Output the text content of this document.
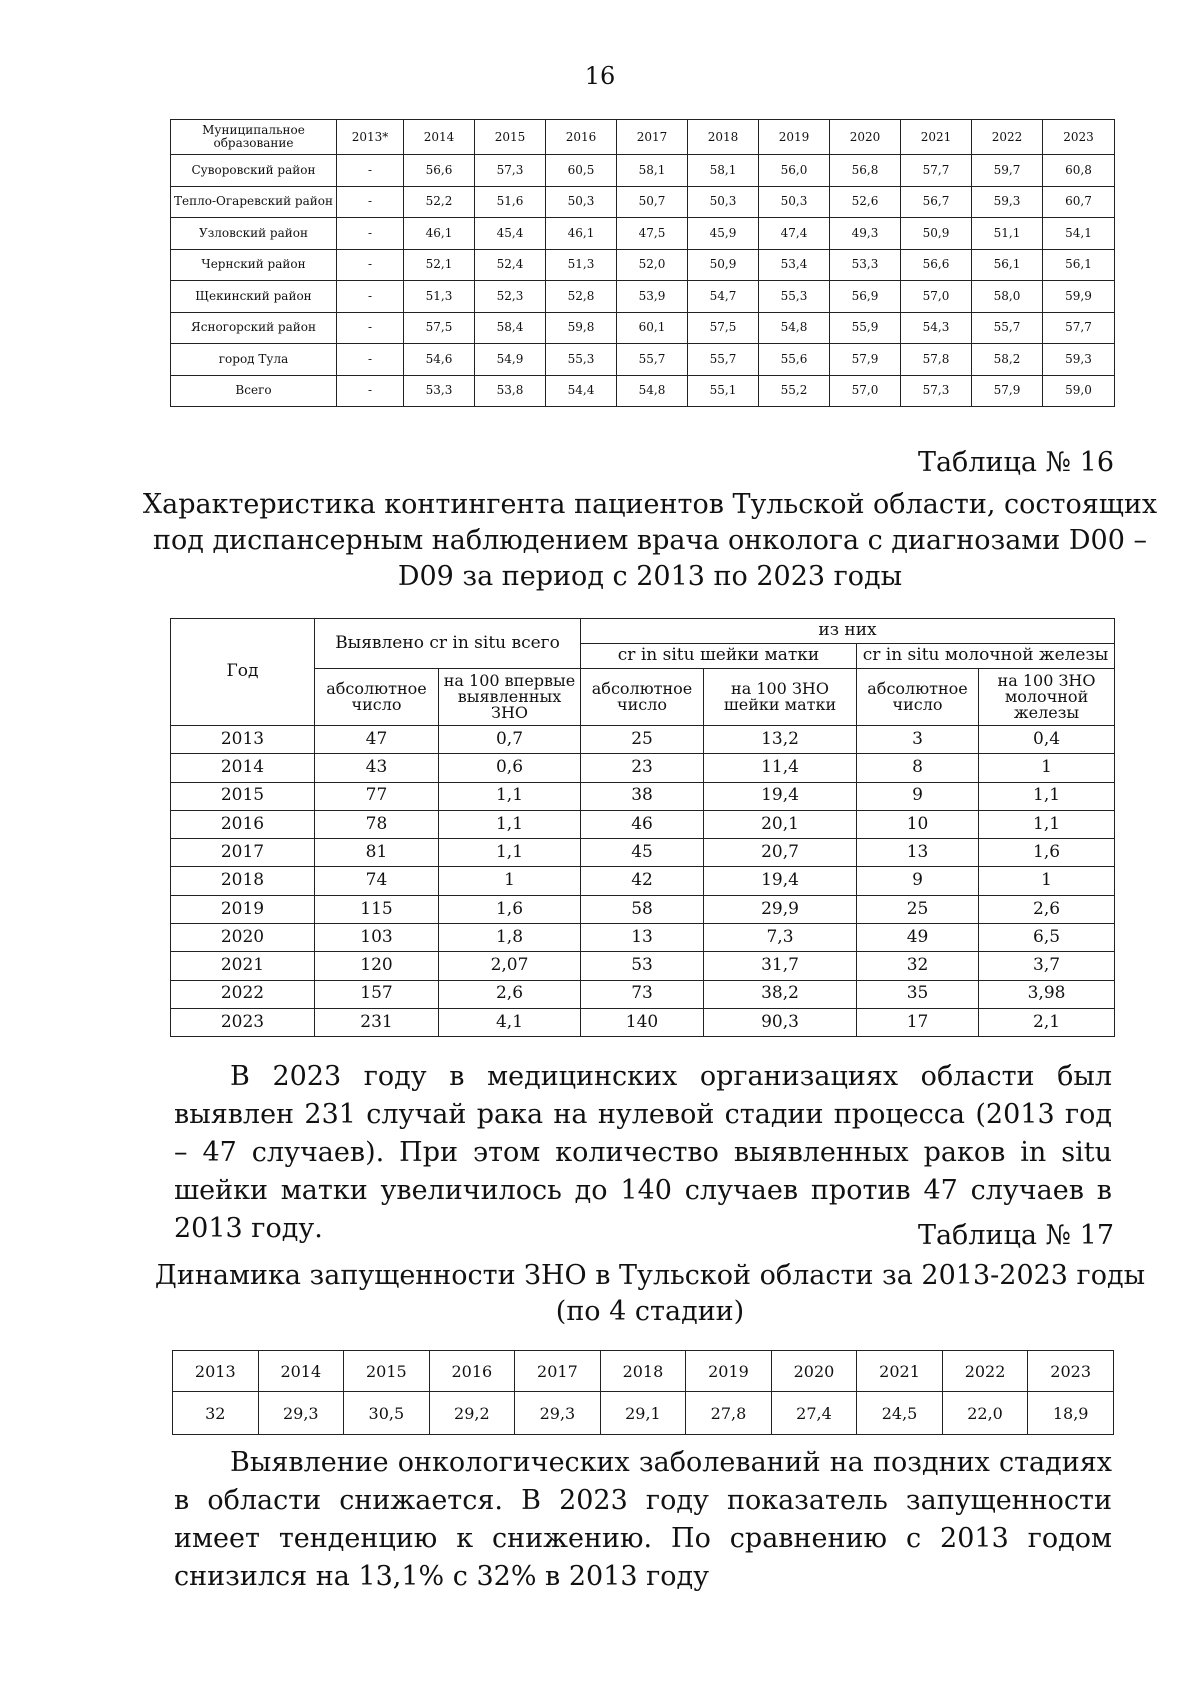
16
Муниципальное образование	2013*	2014	2015	2016	2017	2018	2019	2020	2021	2022	2023
Суворовский район	-	56,6	57,3	60,5	58,1	58,1	56,0	56,8	57,7	59,7	60,8
Тепло-Огаревский район	-	52,2	51,6	50,3	50,7	50,3	50,3	52,6	56,7	59,3	60,7
Узловский район	-	46,1	45,4	46,1	47,5	45,9	47,4	49,3	50,9	51,1	54,1
Чернский район	-	52,1	52,4	51,3	52,0	50,9	53,4	53,3	56,6	56,1	56,1
Щекинский район	-	51,3	52,3	52,8	53,9	54,7	55,3	56,9	57,0	58,0	59,9
Ясногорский район	-	57,5	58,4	59,8	60,1	57,5	54,8	55,9	54,3	55,7	57,7
город Тула	-	54,6	54,9	55,3	55,7	55,7	55,6	57,9	57,8	58,2	59,3
Всего	-	53,3	53,8	54,4	54,8	55,1	55,2	57,0	57,3	57,9	59,0
Таблица № 16
Характеристика контингента пациентов Тульской области, состоящих под диспансерным наблюдением врача онколога с диагнозами D00 – D09 за период с 2013 по 2023 годы
Год	Выявлено cr in situ всего		из них			
			cr in situ шейки матки		cr in situ молочной железы	
	абсолютное число	на 100 впервые выявленных ЗНО	абсолютное число	на 100 ЗНО шейки матки	абсолютное число	на 100 ЗНО молочной железы
2013	47	0,7	25	13,2	3	0,4
2014	43	0,6	23	11,4	8	1
2015	77	1,1	38	19,4	9	1,1
2016	78	1,1	46	20,1	10	1,1
2017	81	1,1	45	20,7	13	1,6
2018	74	1	42	19,4	9	1
2019	115	1,6	58	29,9	25	2,6
2020	103	1,8	13	7,3	49	6,5
2021	120	2,07	53	31,7	32	3,7
2022	157	2,6	73	38,2	35	3,98
2023	231	4,1	140	90,3	17	2,1
В 2023 году в медицинских организациях области был выявлен 231 случай рака на нулевой стадии процесса (2013 год – 47 случаев). При этом количество выявленных раков in situ шейки матки увеличилось до 140 случаев против 47 случаев в 2013 году.	Таблица № 17
Динамика запущенности ЗНО в Тульской области за 2013-2023 годы
(по 4 стадии)
2013	2014	2015	2016	2017	2018	2019	2020	2021	2022	2023
32	29,3	30,5	29,2	29,3	29,1	27,8	27,4	24,5	22,0	18,9
Выявление онкологических заболеваний на поздних стадиях в области снижается. В 2023 году показатель запущенности имеет тенденцию к снижению. По сравнению с 2013 годом снизился на 13,1% с 32% в 2013 году
